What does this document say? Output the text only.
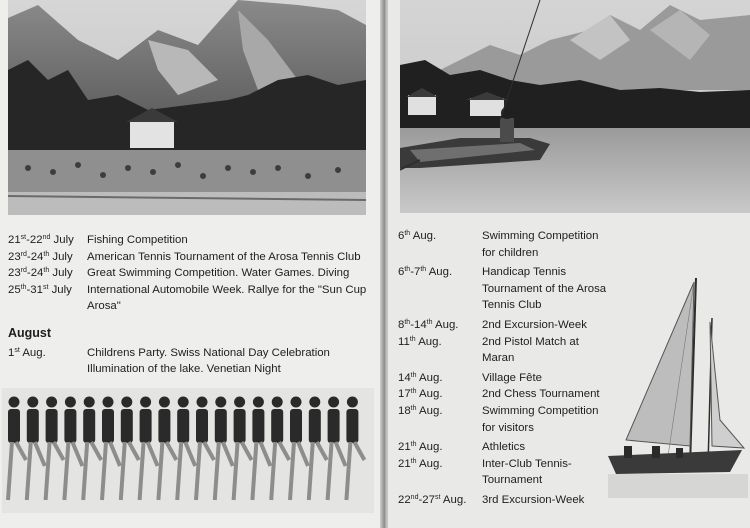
21st-22nd July	Fishing Competition
23rd-24th July	American Tennis Tournament of the Arosa Tennis Club
23rd-24th July	Great Swimming Competition. Water Games. Diving
25th-31st July	International Automobile Week. Rallye for the "Sun Cup Arosa"
August
1st Aug.	Childrens Party. Swiss National Day Celebration Illumination of the lake. Venetian Night
6th Aug.	Swimming Competition for children
6th-7th Aug.	Handicap Tennis Tournament of the Arosa Tennis Club
8th-14th Aug.	2nd Excursion-Week
11th Aug.	2nd Pistol Match at Maran
14th Aug.	Village Fête
17th Aug.	2nd Chess Tournament
18th Aug.	Swimming Competition for visitors
21th Aug.	Athletics
21th Aug.	Inter-Club Tennis-Tournament
22nd-27st Aug.	3rd Excursion-Week
